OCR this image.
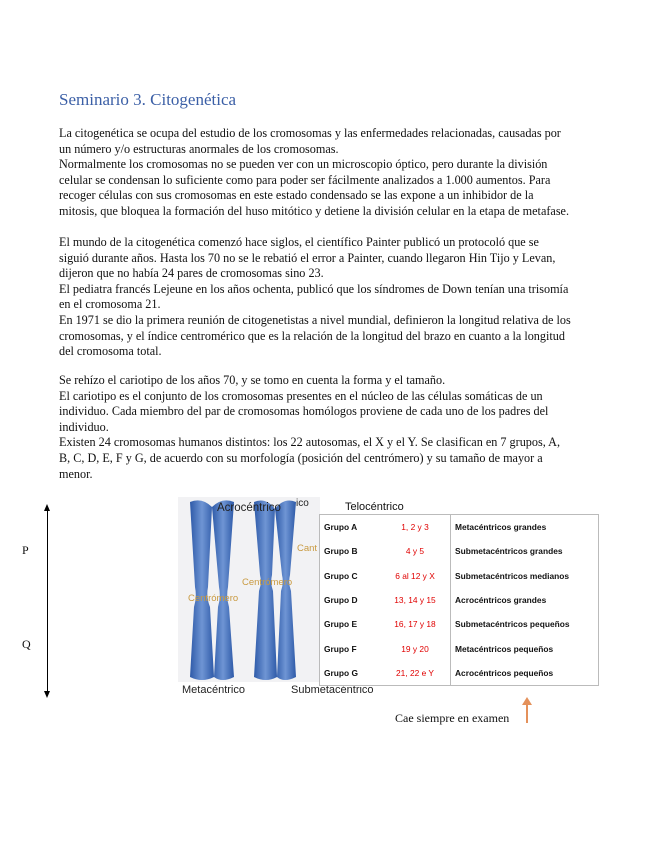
Seminario 3. Citogenética
La citogenética se ocupa del estudio de los cromosomas y las enfermedades relacionadas, causadas por
un número y/o estructuras anormales de los cromosomas.
Normalmente los cromosomas no se pueden ver con un microscopio óptico, pero durante la división
celular se condensan lo suficiente como para poder ser fácilmente analizados a 1.000 aumentos. Para
recoger células con sus cromosomas en este estado condensado se las expone a un inhibidor de la
mitosis, que bloquea la formación del huso mitótico y detiene la división celular en la etapa de metafase.
El mundo de la citogenética comenzó hace siglos, el científico Painter publicó un protocoló que se
siguió durante años. Hasta los 70 no se le rebatió el error a Painter, cuando llegaron Hin Tijo y Levan,
dijeron que no había 24 pares de cromosomas sino 23.
El pediatra francés Lejeune en los años ochenta, publicó que los síndromes de Down tenían una trisomía
en el cromosoma 21.
En 1971 se dio la primera reunión de citogenetistas a nivel mundial, definieron la longitud relativa de los
cromosomas, y el índice centromérico que es la relación de la longitud del brazo en cuanto a la longitud
del cromosoma total.
Se rehízo el cariotipo de los años 70, y se tomo en cuenta la forma y el tamaño.
El cariotipo es el conjunto de los cromosomas presentes en el núcleo de las células somáticas de un
individuo. Cada miembro del par de cromosomas homólogos proviene de cada uno de los padres del
individuo.
Existen 24 cromosomas humanos distintos: los 22 autosomas, el X y el Y. Se clasifican en 7 grupos, A,
B, C, D, E, F y G, de acuerdo con su morfología (posición del centrómero) y su tamaño de mayor a
menor.
P
Q
Centrómero
Centrómero
Cant
Acrocéntrico ico
Metacéntrico	Submetacéntrico
Telocéntrico
Grupo A	1, 2 y 3	Metacéntricos grandes
Grupo B	4 y 5	Submetacéntricos grandes
Grupo C	6 al 12 y X	Submetacéntricos medianos
Grupo D	13, 14 y 15	Acrocéntricos grandes
Grupo E	16, 17 y 18	Submetacéntricos pequeños
Grupo F	19 y 20	Metacéntricos pequeños
Grupo G	21, 22 e Y	Acrocéntricos pequeños
Cae siempre en examen
